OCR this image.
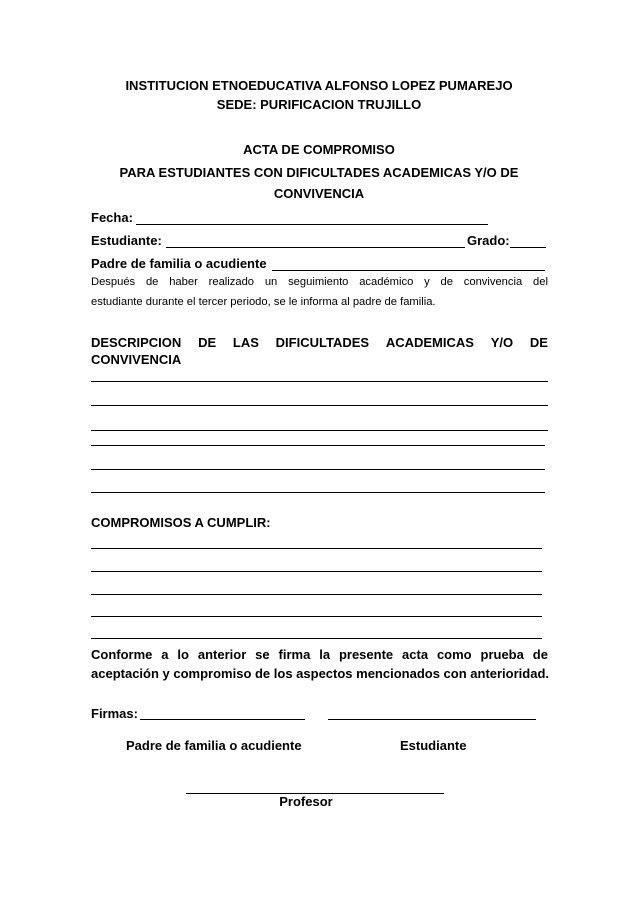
INSTITUCION ETNOEDUCATIVA ALFONSO LOPEZ PUMAREJO
SEDE: PURIFICACION TRUJILLO
ACTA DE COMPROMISO
PARA ESTUDIANTES CON DIFICULTADES ACADEMICAS Y/O DE
CONVIVENCIA
Fecha:
Estudiante:	Grado:
Padre de familia o acudiente
Después de haber realizado un seguimiento académico y de convivencia del
estudiante durante el tercer periodo, se le informa al padre de familia.
DESCRIPCION DE LAS DIFICULTADES ACADEMICAS Y/O DE
CONVIVENCIA
COMPROMISOS A CUMPLIR:
Conforme a lo anterior se firma la presente acta como prueba de
aceptación y compromiso de los aspectos mencionados con anterioridad.
Firmas:
Padre de familia o acudiente	Estudiante
Profesor
